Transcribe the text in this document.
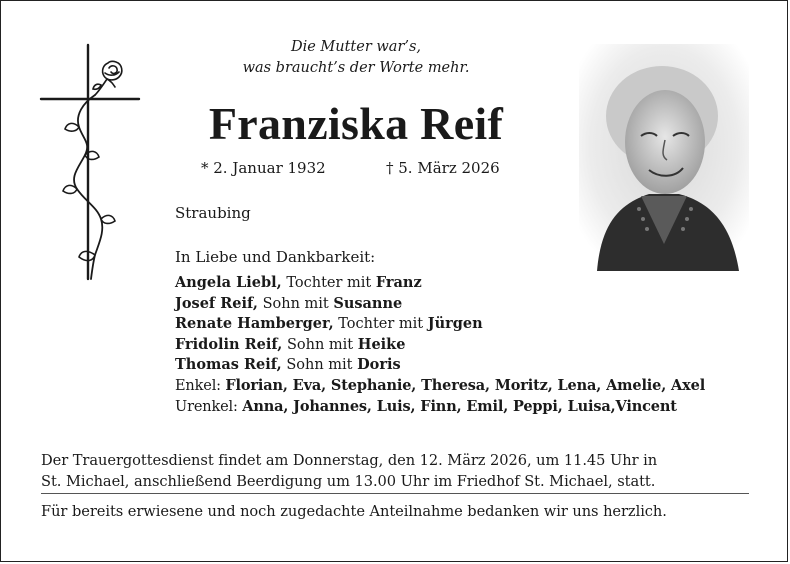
Die Mutter war’s,
was braucht’s der Worte mehr.
Franziska Reif
* 2. Januar 1932	† 5. März 2026
Straubing
In Liebe und Dankbarkeit:
Angela Liebl, Tochter mit Franz
Josef Reif, Sohn mit Susanne
Renate Hamberger, Tochter mit Jürgen
Fridolin Reif, Sohn mit Heike
Thomas Reif, Sohn mit Doris
Enkel: Florian, Eva, Stephanie, Theresa, Moritz, Lena, Amelie, Axel
Urenkel: Anna, Johannes, Luis, Finn, Emil, Peppi, Luisa,Vincent
Der Trauergottesdienst findet am Donnerstag, den 12. März 2026, um 11.45 Uhr in
St. Michael, anschließend Beerdigung um 13.00 Uhr im Friedhof St. Michael, statt.
Für bereits erwiesene und noch zugedachte Anteilnahme bedanken wir uns herzlich.
